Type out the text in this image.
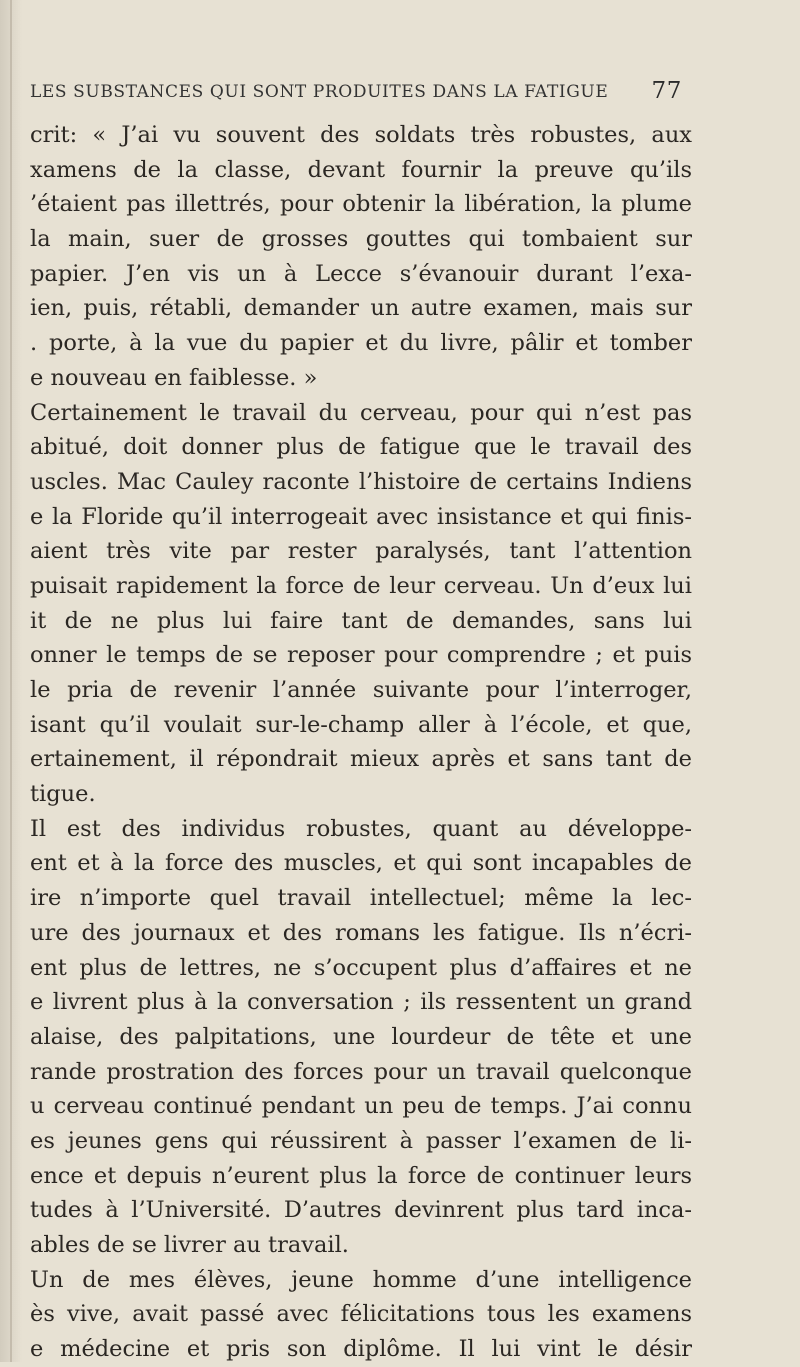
LES SUBSTANCES QUI SONT PRODUITES DANS LA FATIGUE 77
crit: « J’ai vu souvent des soldats très robustes, aux
xamens de la classe, devant fournir la preuve qu’ils
’étaient pas illettrés, pour obtenir la libération, la plume
la main, suer de grosses gouttes qui tombaient sur
papier. J’en vis un à Lecce s’évanouir durant l’exa-
ien, puis, rétabli, demander un autre examen, mais sur
. porte, à la vue du papier et du livre, pâlir et tomber
e nouveau en faiblesse. »
Certainement le travail du cerveau, pour qui n’est pas
abitué, doit donner plus de fatigue que le travail des
uscles. Mac Cauley raconte l’histoire de certains Indiens
e la Floride qu’il interrogeait avec insistance et qui finis-
aient très vite par rester paralysés, tant l’attention
puisait rapidement la force de leur cerveau. Un d’eux lui
it de ne plus lui faire tant de demandes, sans lui
onner le temps de se reposer pour comprendre ; et puis
le pria de revenir l’année suivante pour l’interroger,
isant qu’il voulait sur-le-champ aller à l’école, et que,
ertainement, il répondrait mieux après et sans tant de
tigue.
Il est des individus robustes, quant au développe-
ent et à la force des muscles, et qui sont incapables de
ire n’importe quel travail intellectuel; même la lec-
ure des journaux et des romans les fatigue. Ils n’écri-
ent plus de lettres, ne s’occupent plus d’affaires et ne
e livrent plus à la conversation ; ils ressentent un grand
alaise, des palpitations, une lourdeur de tête et une
rande prostration des forces pour un travail quelconque
u cerveau continué pendant un peu de temps. J’ai connu
es jeunes gens qui réussirent à passer l’examen de li-
ence et depuis n’eurent plus la force de continuer leurs
tudes à l’Université. D’autres devinrent plus tard inca-
ables de se livrer au travail.
Un de mes élèves, jeune homme d’une intelligence
ès vive, avait passé avec félicitations tous les examens
e médecine et pris son diplôme. Il lui vint le désir
